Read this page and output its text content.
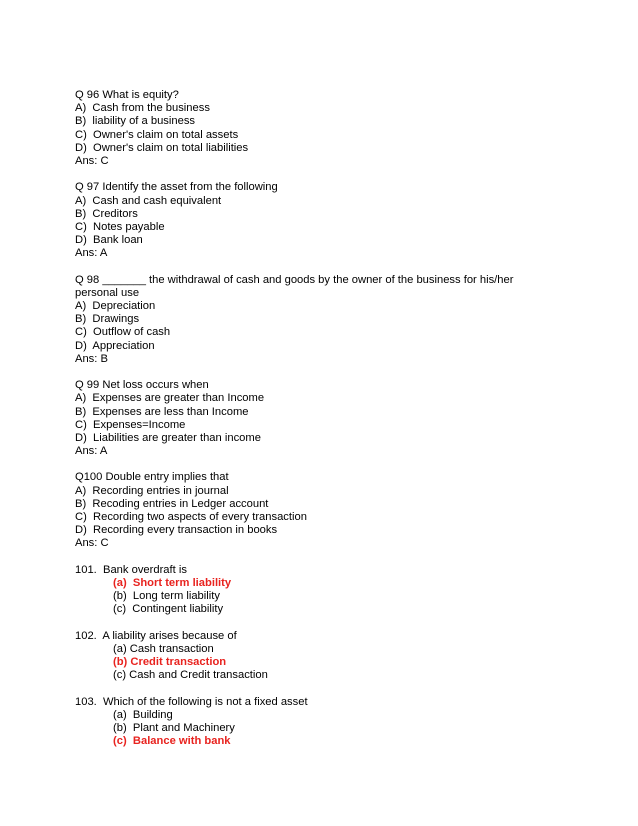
Q 96 What is equity?
A)  Cash from the business
B)  liability of a business
C)  Owner's claim on total assets
D)  Owner's claim on total liabilities
Ans: C
Q 97 Identify the asset from the following
A)  Cash and cash equivalent
B)  Creditors
C)  Notes payable
D)  Bank loan
Ans: A
Q 98 _______ the withdrawal of cash and goods by the owner of the business for his/her
personal use
A)  Depreciation
B)  Drawings
C)  Outflow of cash
D)  Appreciation
Ans: B
Q 99 Net loss occurs when
A)  Expenses are greater than Income
B)  Expenses are less than Income
C)  Expenses=Income
D)  Liabilities are greater than income
Ans: A
Q100 Double entry implies that
A)  Recording entries in journal
B)  Recoding entries in Ledger account
C)  Recording two aspects of every transaction
D)  Recording every transaction in books
Ans: C
101.  Bank overdraft is
(a)  Short term liability
(b)  Long term liability
(c)  Contingent liability
102.  A liability arises because of
(a) Cash transaction
(b) Credit transaction
(c) Cash and Credit transaction
103.  Which of the following is not a fixed asset
(a)  Building
(b)  Plant and Machinery
(c)  Balance with bank
